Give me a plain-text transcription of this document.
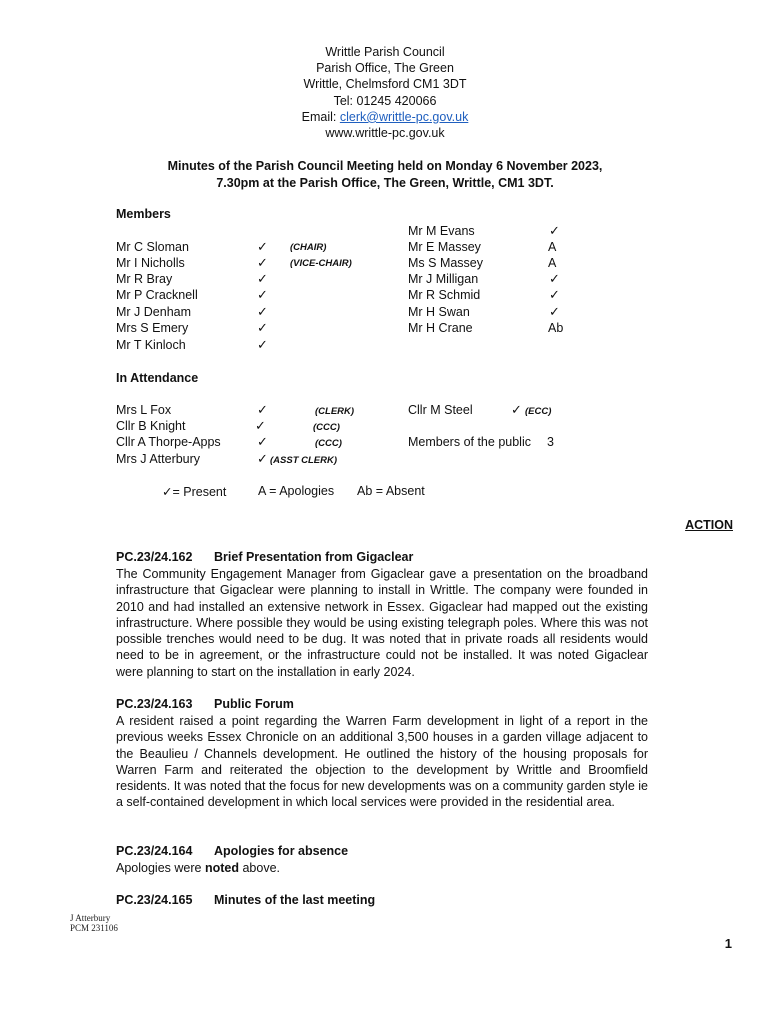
Writtle Parish Council
Parish Office, The Green
Writtle, Chelmsford CM1 3DT
Tel: 01245 420066
Email: clerk@writtle-pc.gov.uk
www.writtle-pc.gov.uk
Minutes of the Parish Council Meeting held on Monday 6 November 2023,
7.30pm at the Parish Office, The Green, Writtle, CM1 3DT.
Members
Mr C Sloman	✓ (CHAIR)
Mr I Nicholls	✓ (VICE-CHAIR)
Mr R Bray	✓
Mr P Cracknell	✓
Mr J Denham	✓
Mrs S Emery	✓
Mr T Kinloch	✓
Mr M Evans	✓
Mr E Massey	A
Ms S Massey	A
Mr J Milligan	✓
Mr R Schmid	✓
Mr H Swan	✓
Mr H Crane	Ab
In Attendance
Mrs L Fox	✓	(CLERK)
Cllr B Knight	✓	(CCC)
Cllr A Thorpe-Apps	✓	(CCC)
Mrs J Atterbury	✓ (ASST CLERK)
Cllr M Steel	✓ (ECC)
Members of the public 3
✓= Present	A = Apologies Ab = Absent
ACTION
PC.23/24.162 Brief Presentation from Gigaclear
The Community Engagement Manager from Gigaclear gave a presentation on the broadband infrastructure that Gigaclear were planning to install in Writtle. The company were founded in 2010 and had installed an extensive network in Essex. Gigaclear had mapped out the existing infrastructure. Where possible they would be using existing telegraph poles. Where this was not possible trenches would need to be dug. It was noted that in private roads all residents would need to be in agreement, or the infrastructure could not be installed. It was noted Gigaclear were planning to start on the installation in early 2024.
PC.23/24.163 Public Forum
A resident raised a point regarding the Warren Farm development in light of a report in the previous weeks Essex Chronicle on an additional 3,500 houses in a garden village adjacent to the Beaulieu / Channels development. He outlined the history of the housing proposals for Warren Farm and reiterated the objection to the development by Writtle and Broomfield residents. It was noted that the focus for new developments was on a community garden style ie a self-contained development in which local services were provided in the residential area.
PC.23/24.164 Apologies for absence
Apologies were noted above.
PC.23/24.165 Minutes of the last meeting
J Atterbury
PCM 231106
1
